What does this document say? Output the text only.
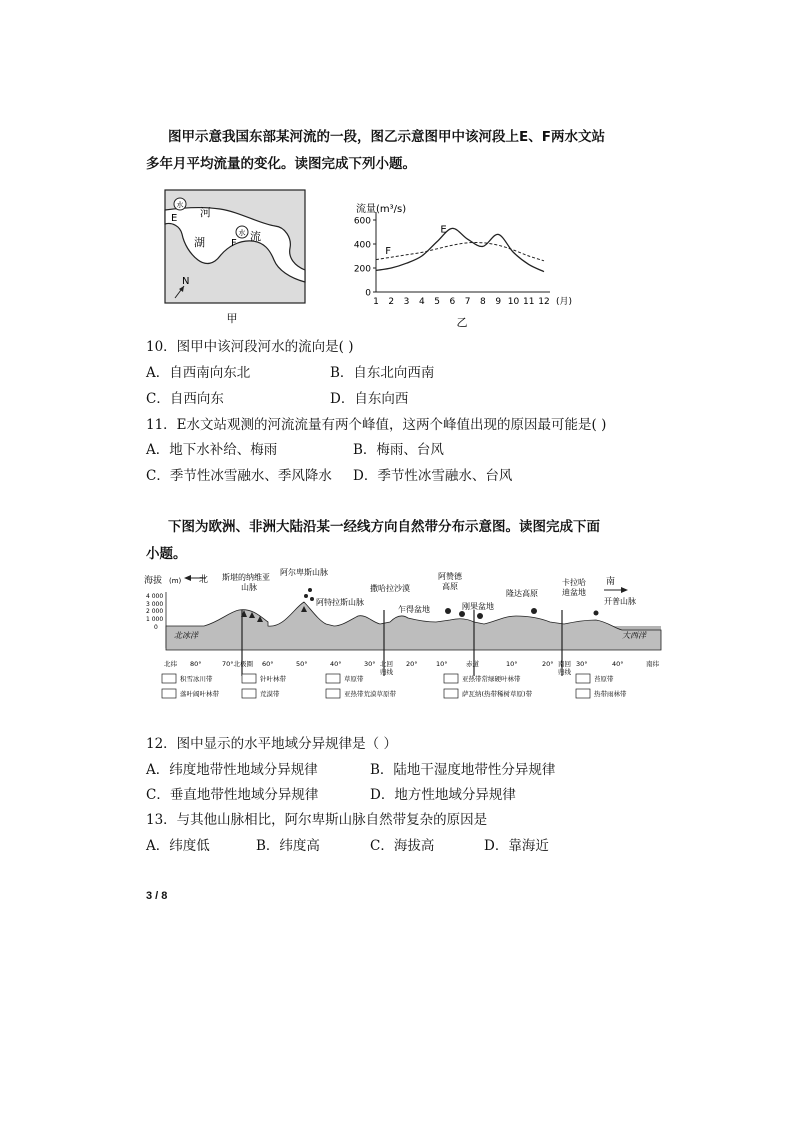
图甲示意我国东部某河流的一段，图乙示意图甲中该河段上E、F两水文站
多年月平均流量的变化。读图完成下列小题。
水
水
E
F
河
流
湖
N
甲
流量(m³/s)
0
200
400
600
1 2 3 4 5 6 7 8 9 10 11 12 (月)
乙
E
F
10．图甲中该河段河水的流向是( )
A．自西南向东北	B．自东北向西南
C．自西向东	D．自东向西
11．E水文站观测的河流流量有两个峰值，这两个峰值出现的原因最可能是( )
A．地下水补给、梅雨	B．梅雨、台风
C．季节性冰雪融水、季风降水 D．季节性冰雪融水、台风
下图为欧洲、非洲大陆沿某一经线方向自然带分布示意图。读图完成下面
小题。
海拔 (m) 北	南
4 000
3 000
2 000
1 000
0
北冰洋	大西洋
斯堪的纳维亚
山脉
阿尔卑斯山脉
阿特拉斯山脉
撒哈拉沙漠
乍得盆地
阿赞德
高原
刚果盆地
隆达高原
卡拉哈
迪盆地
开普山脉
北纬 80°	70°北极圈 60°	50°	40°	30° 北回
归线
20°	10°	赤道	10°	20° 南回
归线
30°	40°	南纬
积雪冰川带	针叶林带	草原带	亚热带常绿硬叶林带	苔原带
落叶阔叶林带	荒漠带	亚热带荒漠草原带	萨瓦纳(热带稀树草原)带	热带雨林带
12．图中显示的水平地域分异规律是（ ）
A．纬度地带性地域分异规律	B．陆地干湿度地带性分异规律
C．垂直地带性地域分异规律	D．地方性地域分异规律
13．与其他山脉相比，阿尔卑斯山脉自然带复杂的原因是
A．纬度低	B．纬度高	C．海拔高	D．靠海近
3 / 8
